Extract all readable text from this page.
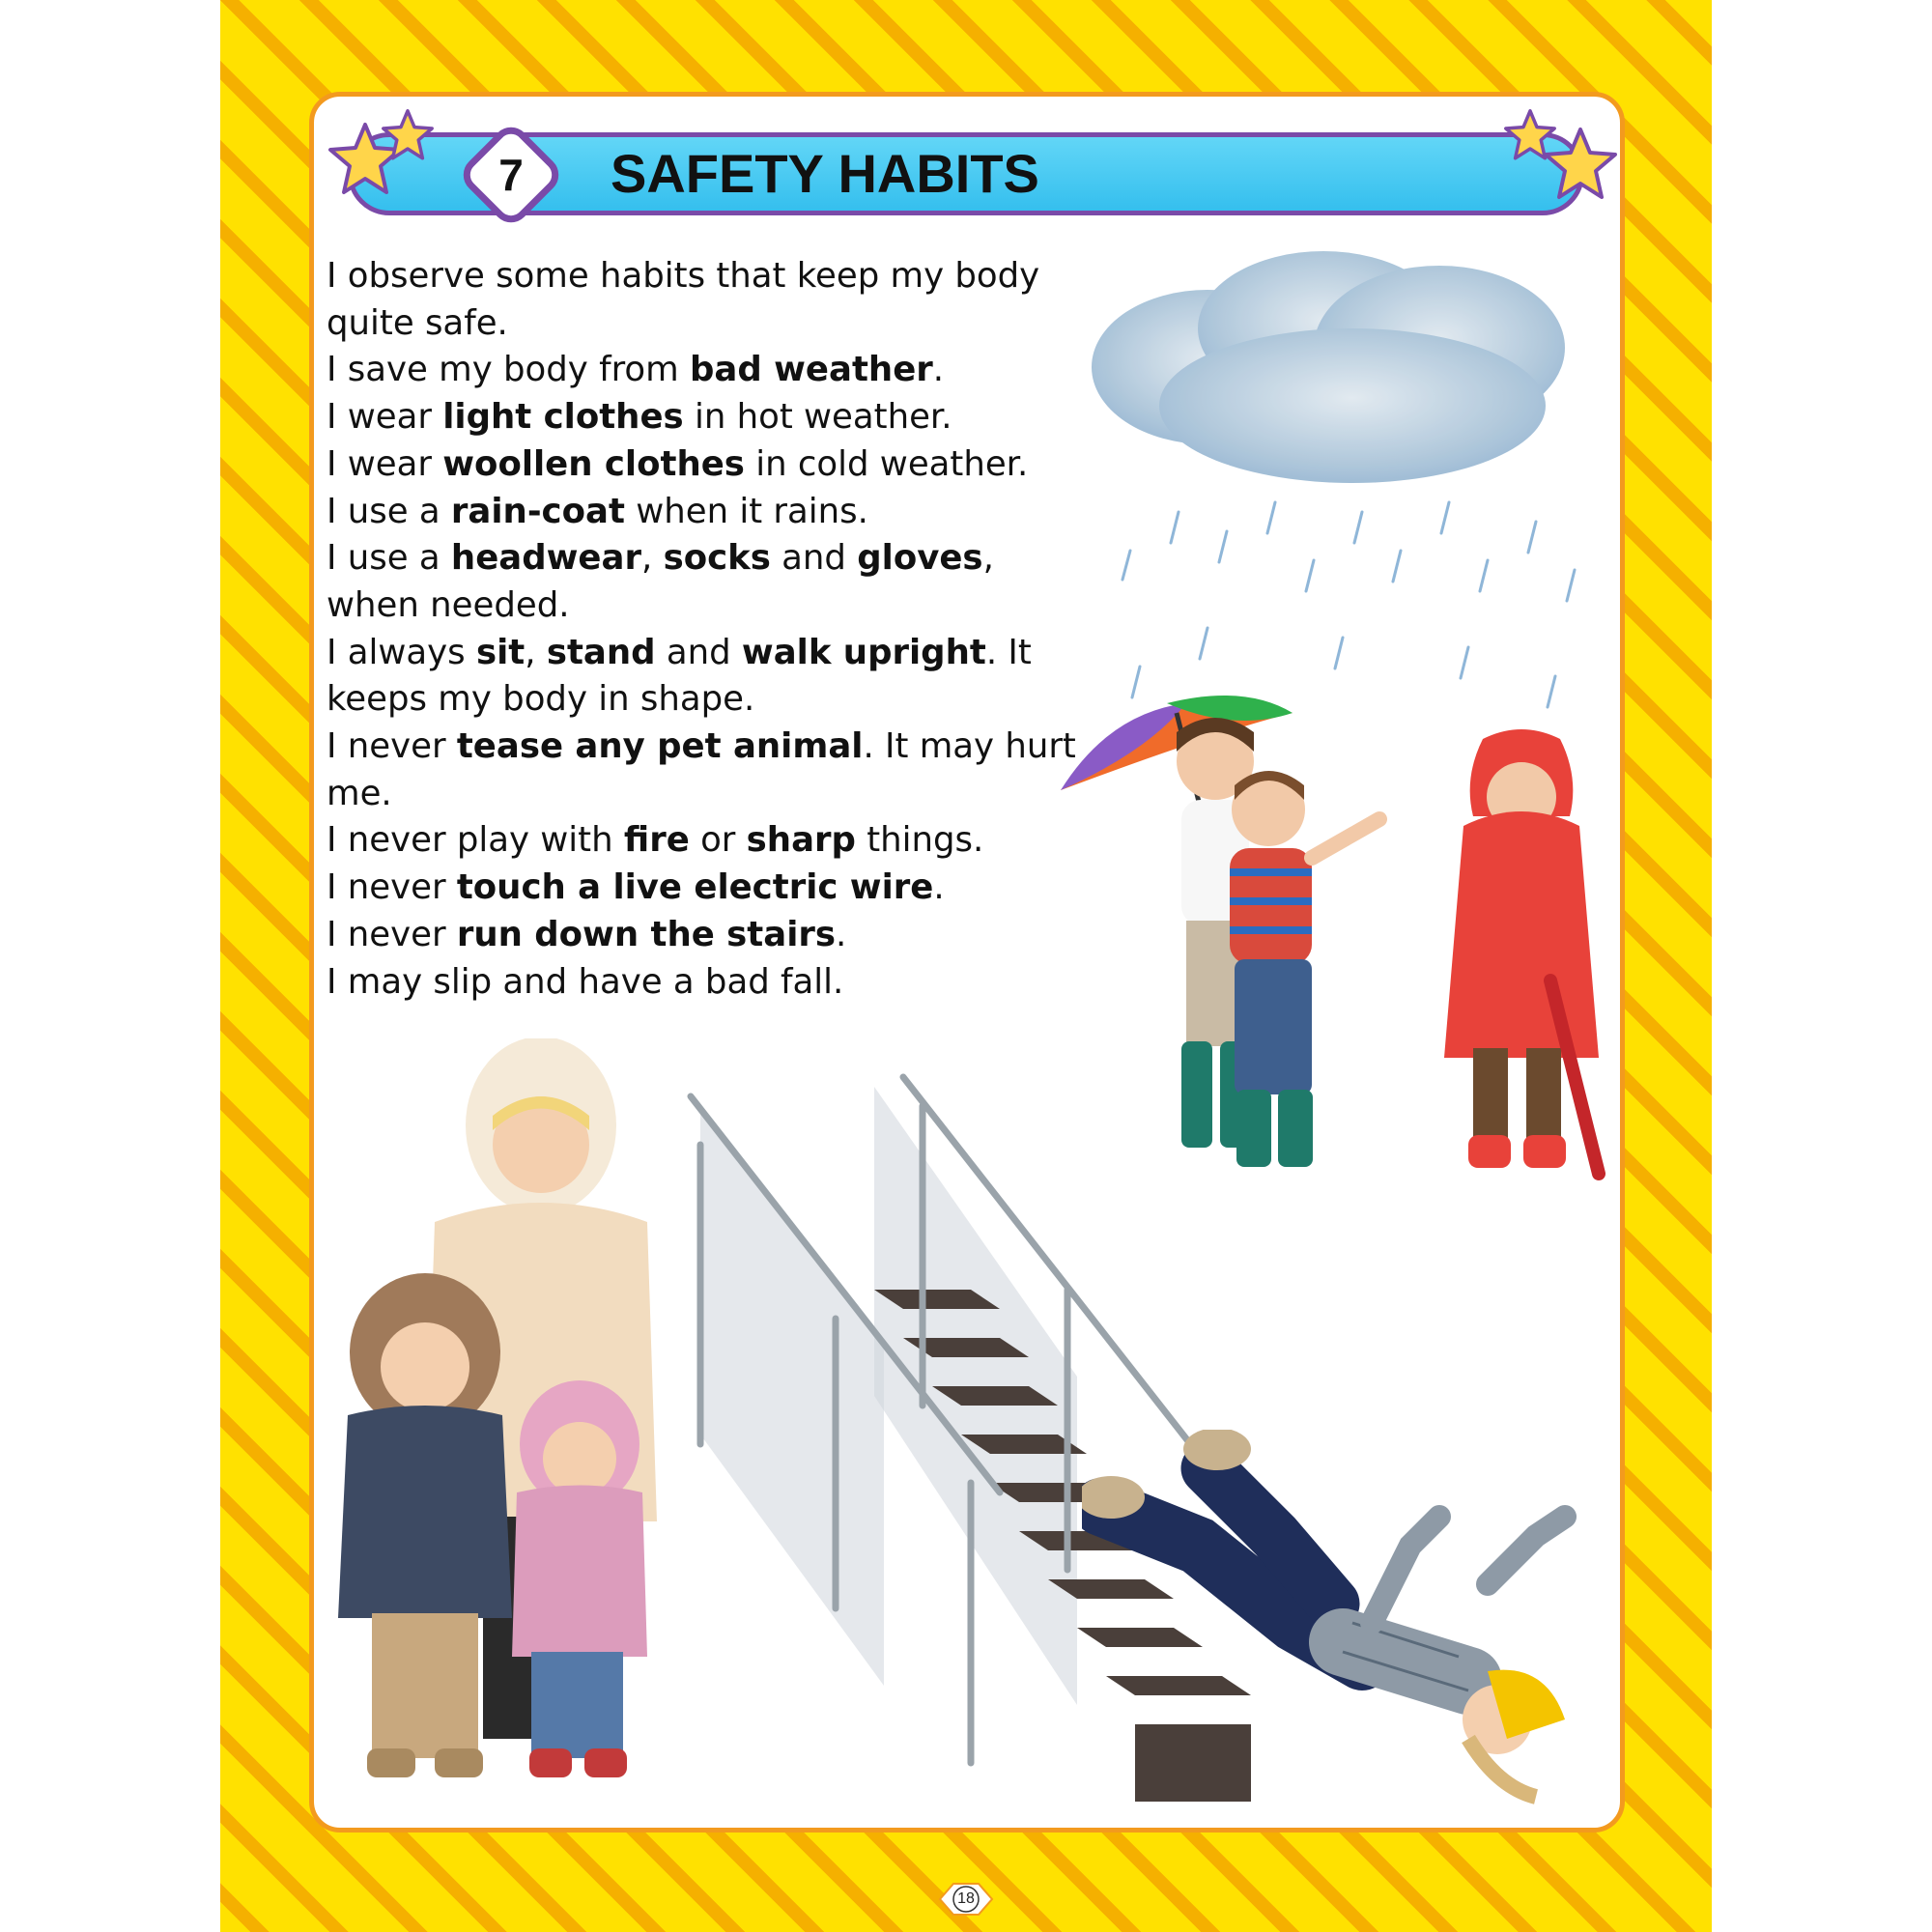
7	SAFETY HABITS

I observe some habits that keep my body

quite safe.

I save my body from bad weather.

I wear light clothes in hot weather.

I wear woollen clothes in cold weather.

I use a rain-coat when it rains.

I use a headwear, socks and gloves,

when needed.

I always sit, stand and walk upright. It

keeps my body in shape.

I never tease any pet animal. It may hurt

me.

I never play with fire or sharp things.

I never touch a live electric wire.

I never run down the stairs.

I may slip and have a bad fall.

18
